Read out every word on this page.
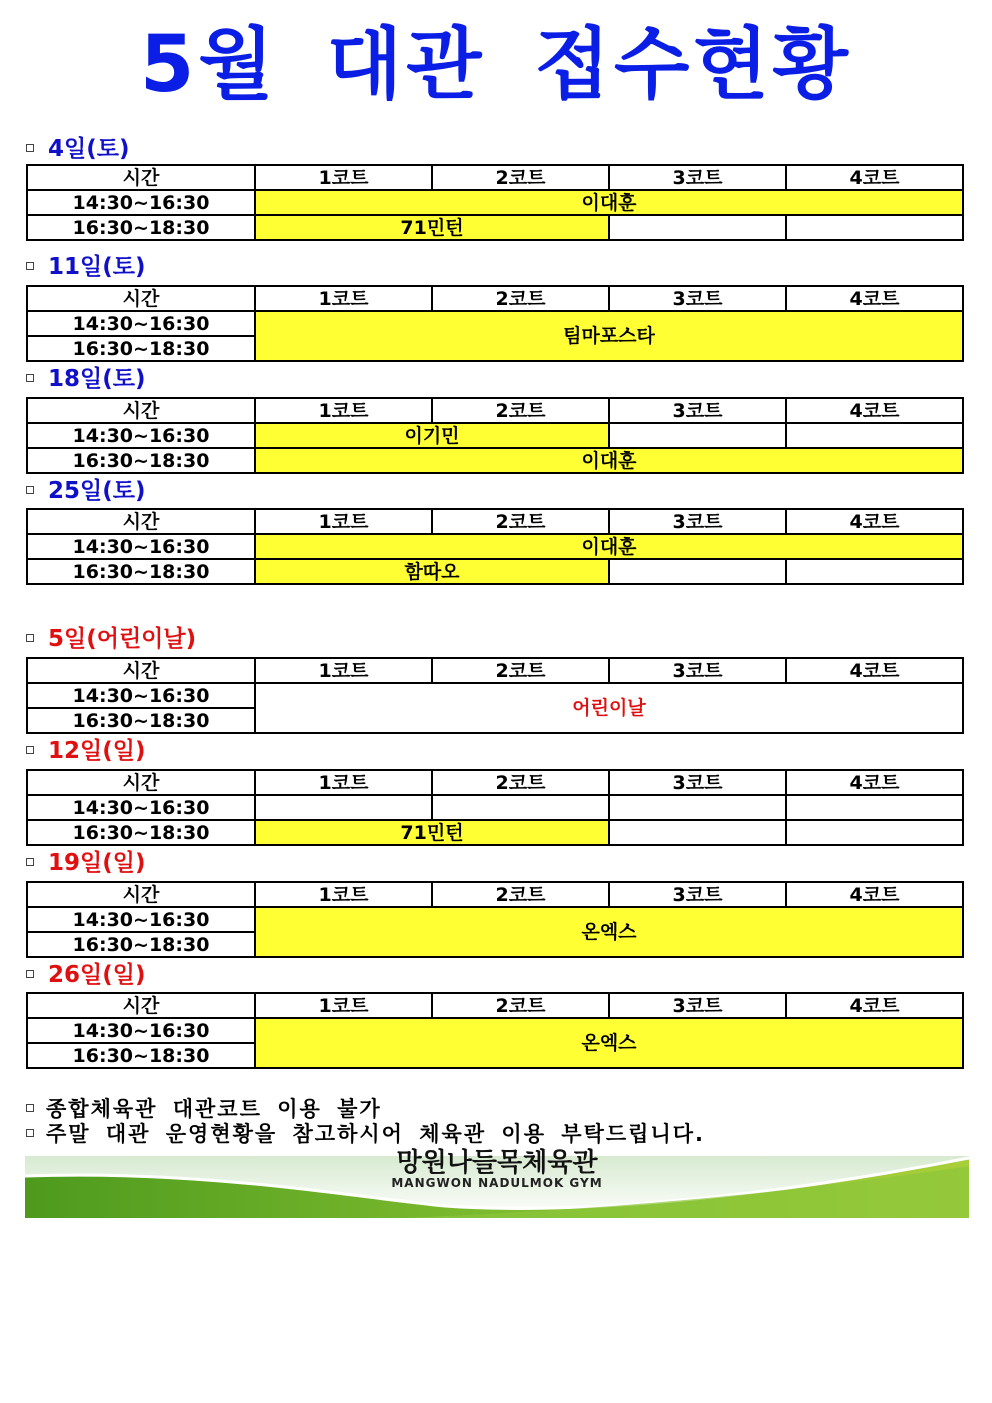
5월 대관 접수현황
4일(토)
시간	1코트	2코트	3코트	4코트
14:30~16:30	이대훈			
16:30~18:30	71민턴			
11일(토)
시간	1코트	2코트	3코트	4코트
14:30~16:30	팀마포스타			
16:30~18:30				
18일(토)
시간	1코트	2코트	3코트	4코트
14:30~16:30	이기민			
16:30~18:30	이대훈			
25일(토)
시간	1코트	2코트	3코트	4코트
14:30~16:30	이대훈			
16:30~18:30	함따오			
5일(어린이날)
시간	1코트	2코트	3코트	4코트
14:30~16:30	어린이날			
16:30~18:30				
12일(일)
시간	1코트	2코트	3코트	4코트
14:30~16:30				
16:30~18:30	71민턴			
19일(일)
시간	1코트	2코트	3코트	4코트
14:30~16:30	온엑스			
16:30~18:30				
26일(일)
시간	1코트	2코트	3코트	4코트
14:30~16:30	온엑스			
16:30~18:30				
종합체육관 대관코트 이용 불가
주말 대관 운영현황을 참고하시어 체육관 이용 부탁드립니다.
망원나들목체육관
MANGWON NADULMOK GYM
